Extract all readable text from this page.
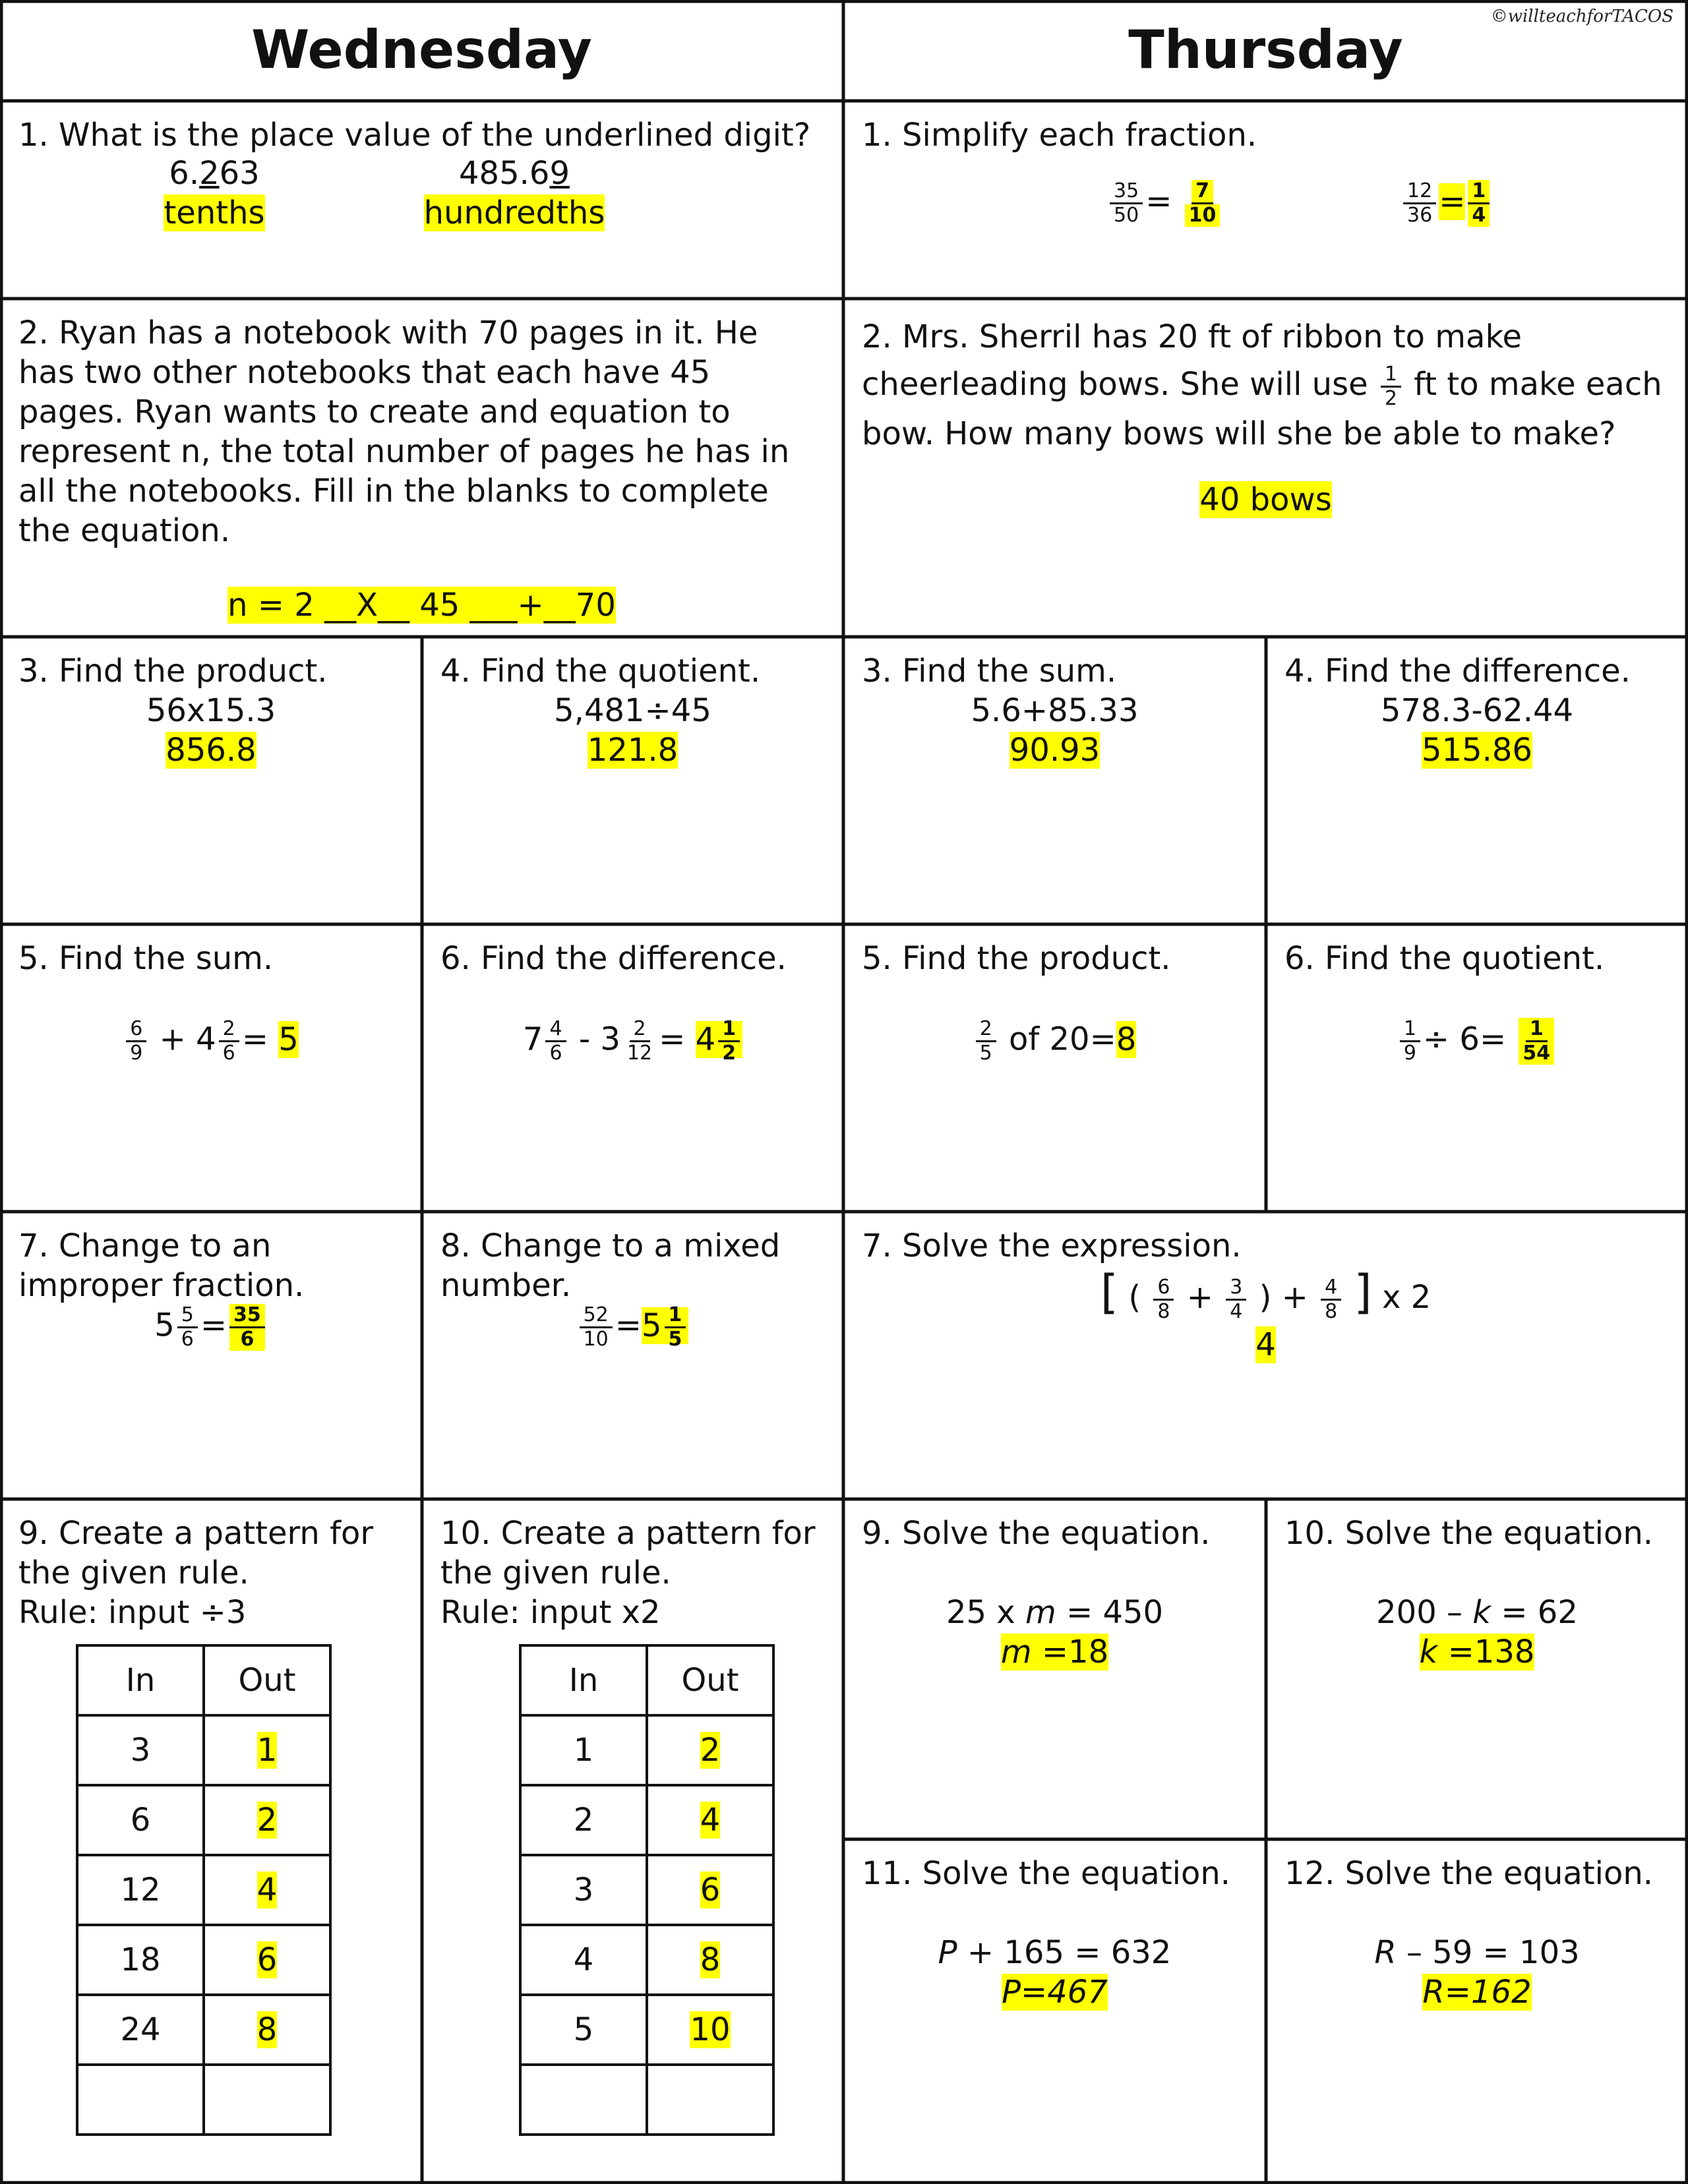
©willteachforTACOS
Wednesday	Thursday
1. What is the place value of the underlined digit?
6.263	485.69
tenths	hundredths
2. Ryan has a notebook with 70 pages in it. He has two other notebooks that each have 45 pages. Ryan wants to create and equation to represent n, the total number of pages he has in all the notebooks. Fill in the blanks to complete the equation.
n = 2 __X__ 45 ___+__70
3. Find the product.
56x15.3
856.8
4. Find the quotient.
5,481÷45
121.8
5. Find the sum.
$\frac{6}{9} + 4 \frac{2}{6} = 5$
6. Find the difference.
$7 \frac{4}{6} - 3 \frac{2}{12} = 4 \frac{1}{2}$
7. Change to an improper fraction.
$5 \frac{5}{6} = \frac{35}{6}$
8. Change to a mixed number.
$\frac{52}{10} =5 \frac{1}{5}$
9. Create a pattern for the given rule.
Rule: input ÷3
In	Out
3	1
6	2
12	4
18	6
24	8

10. Create a pattern for the given rule.
Rule: input x2
In	Out
1	2
2	4
3	6
4	8
5	10

1. Simplify each fraction.
$\frac{35}{50} = \frac{7}{10}$	$\frac{12}{36} = \frac{1}{4}$
2. Mrs. Sherril has 20 ft of ribbon to make cheerleading bows. She will use $\frac{1}{2}$ ft to make each bow. How many bows will she be able to make?
40 bows
3. Find the sum.
5.6+85.33
90.93
4. Find the difference.
578.3-62.44
515.86
5. Find the product.
$\frac{2}{5}$ of 20=8
6. Find the quotient.
$\frac{1}{9} \div 6= \frac{1}{54}$
7. Solve the expression.
[ ( $\frac{6}{8} + \frac{3}{4}$ ) + $\frac{4}{8}$ ] x 2
4
9. Solve the equation.
25 x m = 450
m =18
10. Solve the equation.
200 – k = 62
k =138
11. Solve the equation.
P + 165 = 632
P=467
12. Solve the equation.
R – 59 = 103
R=162
